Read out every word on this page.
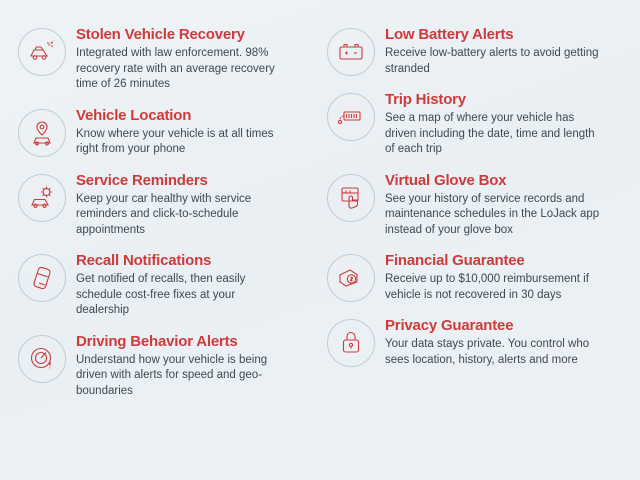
Stolen Vehicle Recovery

Integrated with law enforcement. 98% recovery rate with an average recovery time of 26 minutes

Vehicle Location

Know where your vehicle is at all times right from your phone

Service Reminders

Keep your car healthy with service reminders and click-to-schedule appointments

Recall Notifications

Get notified of recalls, then easily schedule cost-free fixes at your dealership

Driving Behavior Alerts

Understand how your vehicle is being driven with alerts for speed and geo-boundaries

Low Battery Alerts

Receive low-battery alerts to avoid getting stranded

Trip History

See a map of where your vehicle has driven including the date, time and length of each trip

Virtual Glove Box

See your history of service records and maintenance schedules in the LoJack app instead of your glove box

Financial Guarantee

Receive up to $10,000 reimbursement if vehicle is not recovered in 30 days

Privacy Guarantee

Your data stays private. You control who sees location, history, alerts and more
